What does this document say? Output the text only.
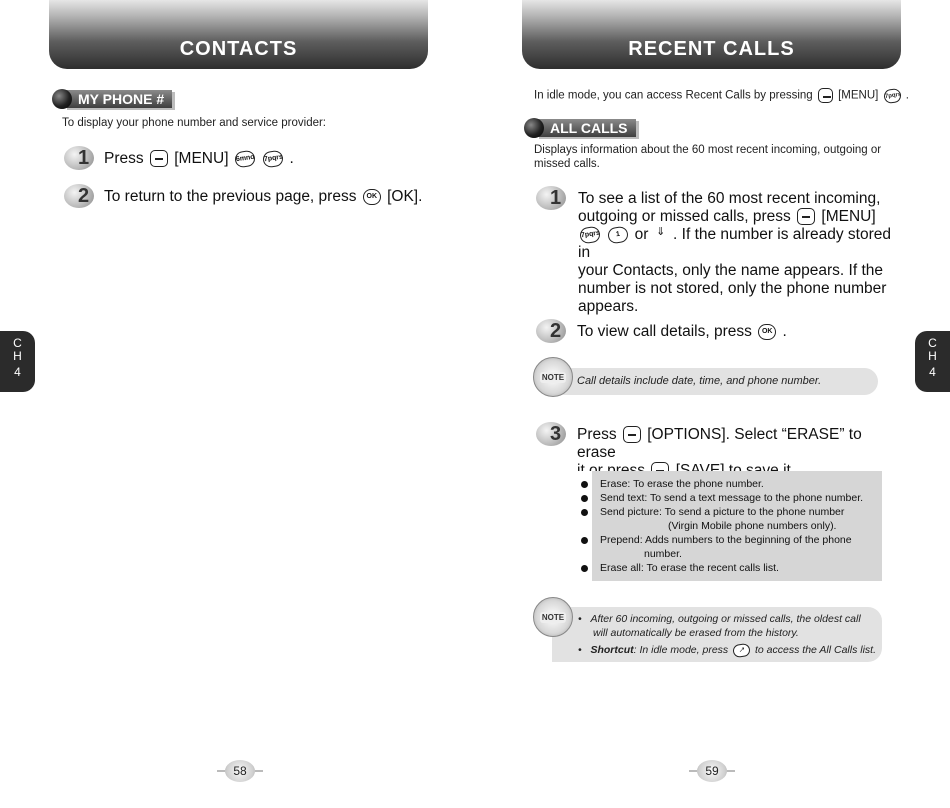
CONTACTS
MY PHONE #
To display your phone number and service provider:
1 Press [MENU] 6mno 7pqrs .
2 To return to the previous page, press OK [OK].
C
H
4
58
RECENT CALLS
In idle mode, you can access Recent Calls by pressing [MENU] 7pqrs .
ALL CALLS
Displays information about the 60 most recent incoming, outgoing or
missed calls.
1 To see a list of the 60 most recent incoming,
outgoing or missed calls, press [MENU]
7pqrs 1 or ⇓ . If the number is already stored in
your Contacts, only the name appears. If the
number is not stored, only the phone number
appears.
2 To view call details, press OK .
Call details include date, time, and phone number.
NOTE
3 Press [OPTIONS]. Select “ERASE” to erase
Erase: To erase the phone number.
Send text: To send a text message to the phone number.
Send picture: To send a picture to the phone number
(Virgin Mobile phone numbers only).
Prepend: Adds numbers to the beginning of the phone
number.
Erase all: To erase the recent calls list.
•   After 60 incoming, outgoing or missed calls, the oldest call
will automatically be erased from the history.
•   Shortcut: In idle mode, press ↗ to access the All Calls list.
NOTE
C
H
4
59
